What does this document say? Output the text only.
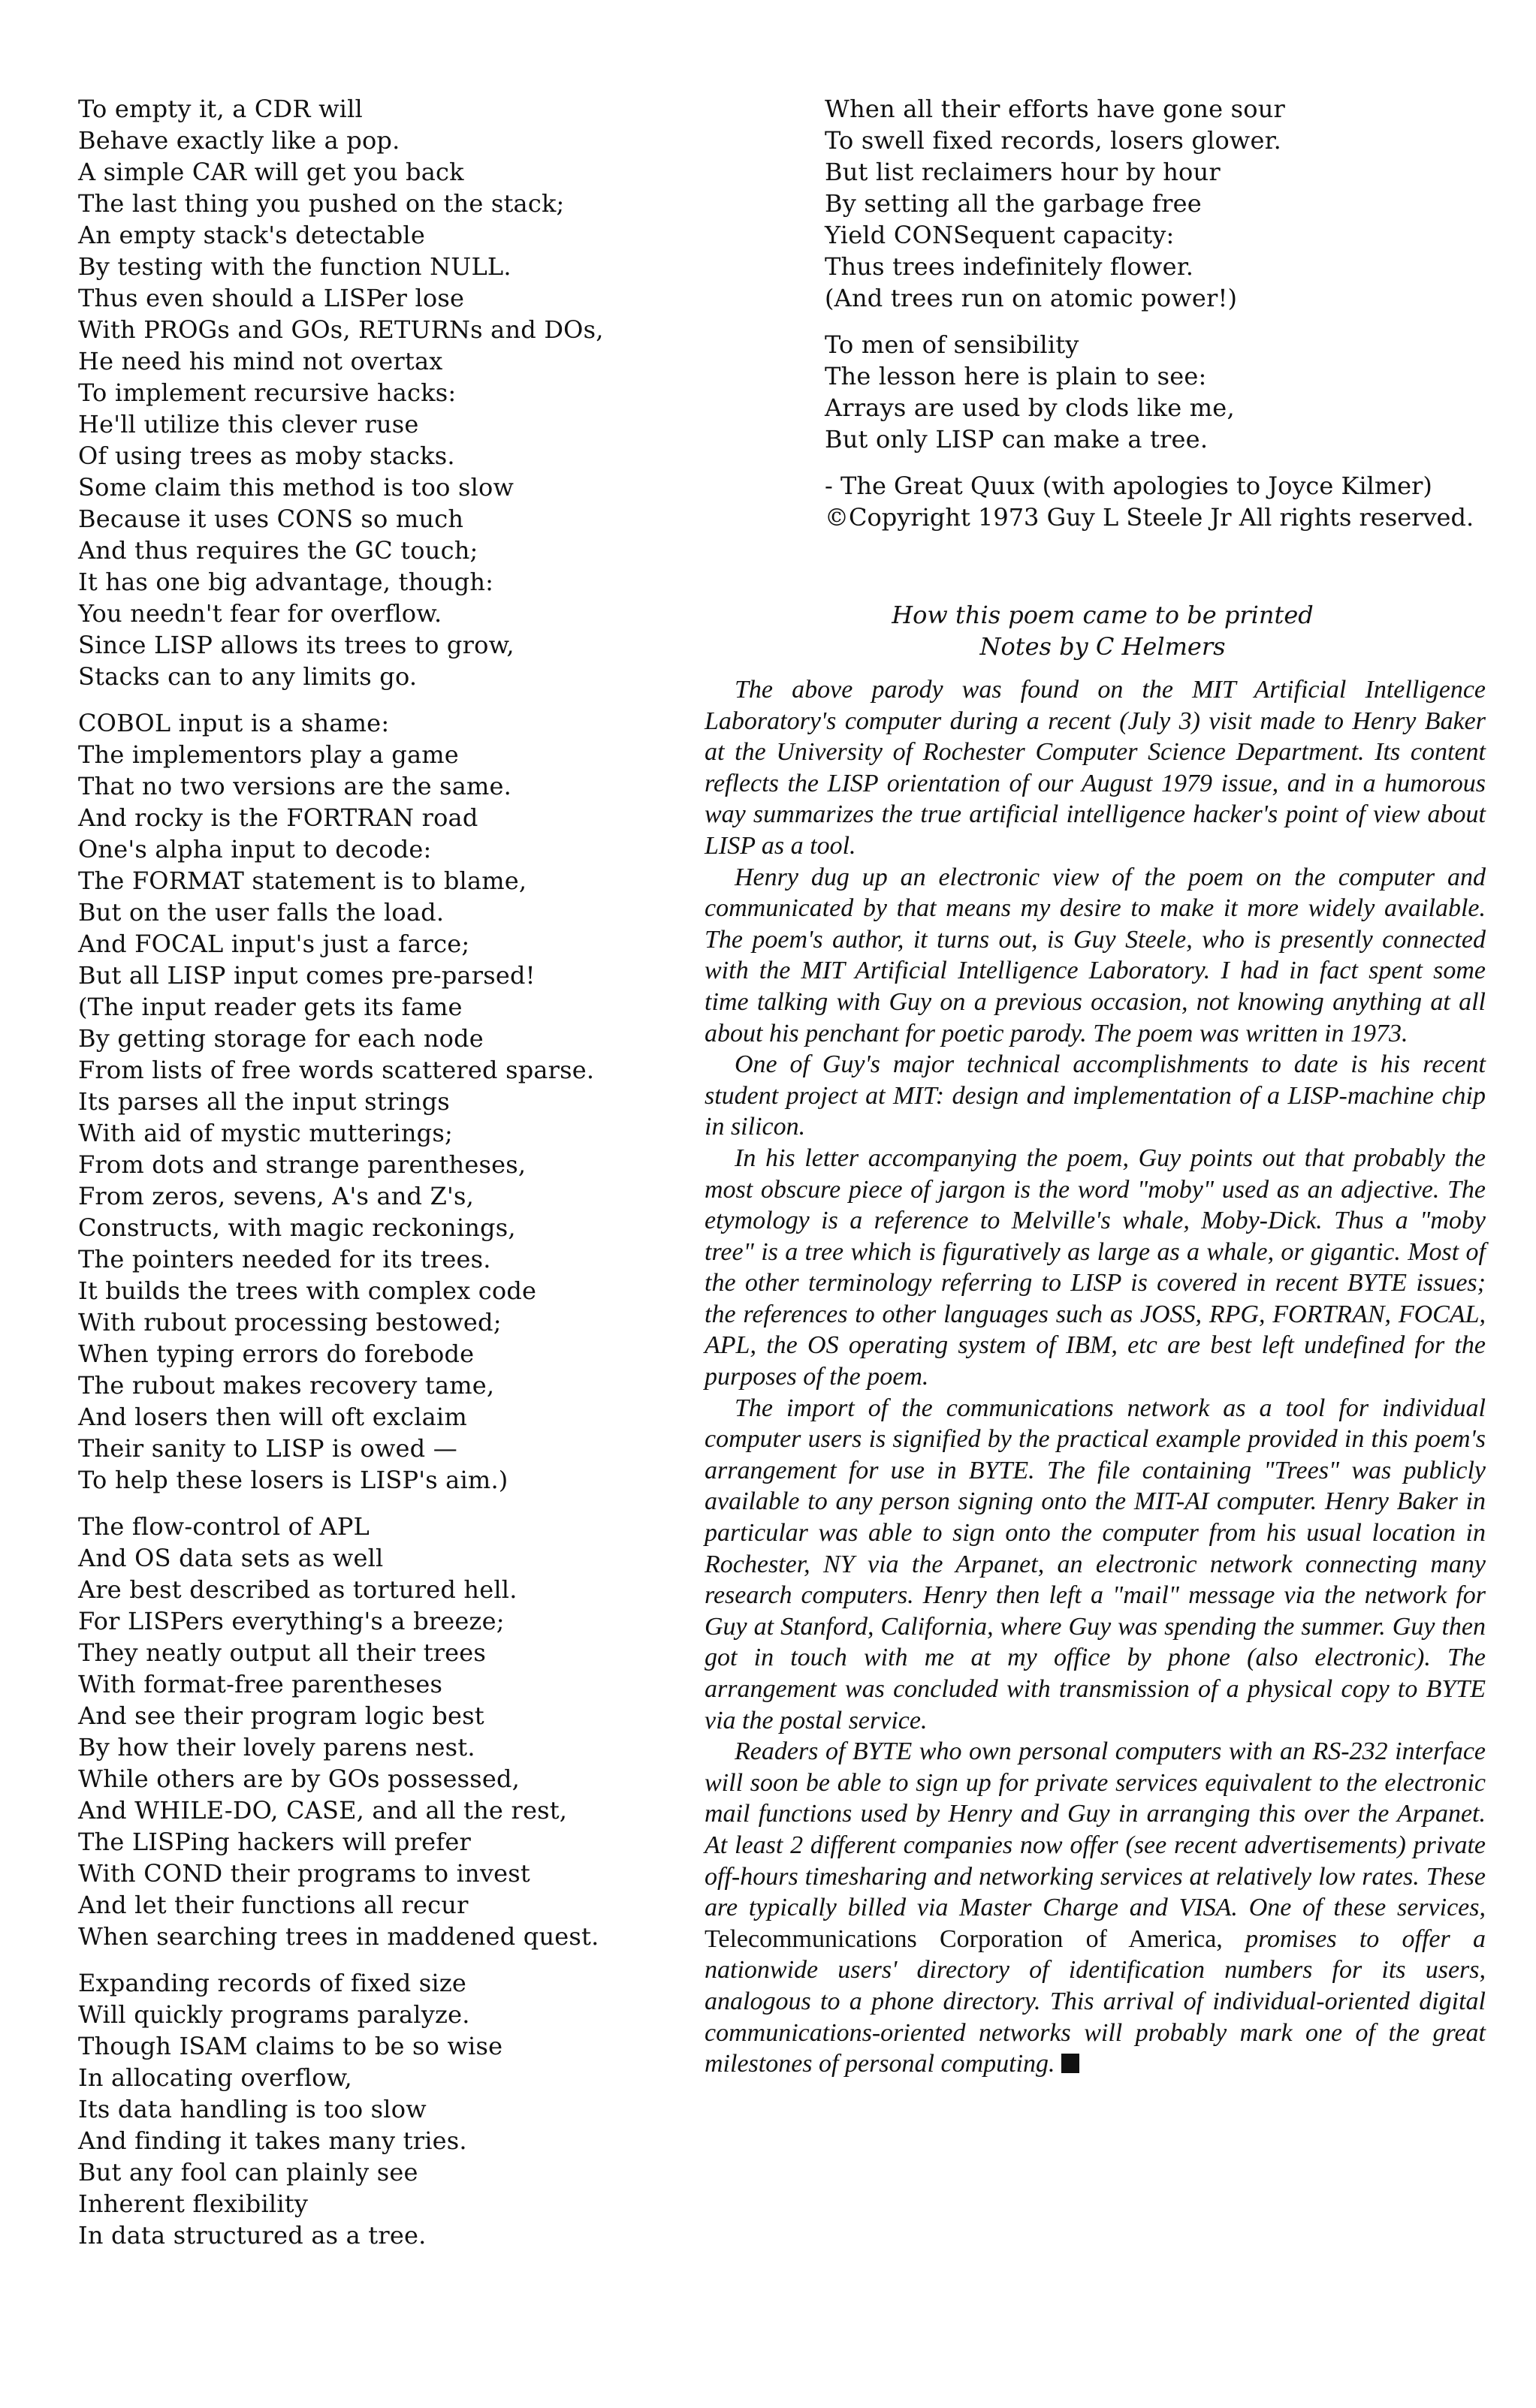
To empty it, a CDR will
Behave exactly like a pop.
A simple CAR will get you back
The last thing you pushed on the stack;
An empty stack's detectable
By testing with the function NULL.
Thus even should a LISPer lose
With PROGs and GOs, RETURNs and DOs,
He need his mind not overtax
To implement recursive hacks:
He'll utilize this clever ruse
Of using trees as moby stacks.
Some claim this method is too slow
Because it uses CONS so much
And thus requires the GC touch;
It has one big advantage, though:
You needn't fear for overflow.
Since LISP allows its trees to grow,
Stacks can to any limits go.
COBOL input is a shame:
The implementors play a game
That no two versions are the same.
And rocky is the FORTRAN road
One's alpha input to decode:
The FORMAT statement is to blame,
But on the user falls the load.
And FOCAL input's just a farce;
But all LISP input comes pre-parsed!
(The input reader gets its fame
By getting storage for each node
From lists of free words scattered sparse.
Its parses all the input strings
With aid of mystic mutterings;
From dots and strange parentheses,
From zeros, sevens, A's and Z's,
Constructs, with magic reckonings,
The pointers needed for its trees.
It builds the trees with complex code
With rubout processing bestowed;
When typing errors do forebode
The rubout makes recovery tame,
And losers then will oft exclaim
Their sanity to LISP is owed —
To help these losers is LISP's aim.)
The flow-control of APL
And OS data sets as well
Are best described as tortured hell.
For LISPers everything's a breeze;
They neatly output all their trees
With format-free parentheses
And see their program logic best
By how their lovely parens nest.
While others are by GOs possessed,
And WHILE-DO, CASE, and all the rest,
The LISPing hackers will prefer
With COND their programs to invest
And let their functions all recur
When searching trees in maddened quest.
Expanding records of fixed size
Will quickly programs paralyze.
Though ISAM claims to be so wise
In allocating overflow,
Its data handling is too slow
And finding it takes many tries.
But any fool can plainly see
Inherent flexibility
In data structured as a tree.
When all their efforts have gone sour
To swell fixed records, losers glower.
But list reclaimers hour by hour
By setting all the garbage free
Yield CONSequent capacity:
Thus trees indefinitely flower.
(And trees run on atomic power!)
To men of sensibility
The lesson here is plain to see:
Arrays are used by clods like me,
But only LISP can make a tree.
- The Great Quux (with apologies to Joyce Kilmer)
©Copyright 1973 Guy L Steele Jr All rights reserved.
How this poem came to be printed
Notes by C Helmers

The above parody was found on the MIT Artificial Intelligence Laboratory's computer during a recent (July 3) visit made to Henry Baker at the University of Rochester Computer Science Department. Its content reflects the LISP orientation of our August 1979 issue, and in a humorous way summarizes the true artificial intelligence hacker's point of view about LISP as a tool.

Henry dug up an electronic view of the poem on the computer and communicated by that means my desire to make it more widely available. The poem's author, it turns out, is Guy Steele, who is presently connected with the MIT Artificial Intelligence Laboratory. I had in fact spent some time talking with Guy on a previous occasion, not knowing anything at all about his penchant for poetic parody. The poem was written in 1973.

One of Guy's major technical accomplishments to date is his recent student project at MIT: design and implementation of a LISP-machine chip in silicon.

In his letter accompanying the poem, Guy points out that probably the most obscure piece of jargon is the word "moby" used as an adjective. The etymology is a reference to Melville's whale, Moby-Dick. Thus a "moby tree" is a tree which is figuratively as large as a whale, or gigantic. Most of the other terminology referring to LISP is covered in recent BYTE issues; the references to other languages such as JOSS, RPG, FORTRAN, FOCAL, APL, the OS operating system of IBM, etc are best left undefined for the purposes of the poem.

The import of the communications network as a tool for individual computer users is signified by the practical example provided in this poem's arrangement for use in BYTE. The file containing "Trees" was publicly available to any person signing onto the MIT-AI computer. Henry Baker in particular was able to sign onto the computer from his usual location in Rochester, NY via the Arpanet, an electronic network connecting many research computers. Henry then left a "mail" message via the network for Guy at Stanford, California, where Guy was spending the summer. Guy then got in touch with me at my office by phone (also electronic). The arrangement was concluded with transmission of a physical copy to BYTE via the postal service.

Readers of BYTE who own personal computers with an RS-232 interface will soon be able to sign up for private services equivalent to the electronic mail functions used by Henry and Guy in arranging this over the Arpanet. At least 2 different companies now offer (see recent advertisements) private off-hours timesharing and networking services at relatively low rates. These are typically billed via Master Charge and VISA. One of these services, Telecommunications Corporation of America, promises to offer a nationwide users' directory of identification numbers for its users, analogous to a phone directory. This arrival of individual-oriented digital communications-oriented networks will probably mark one of the great milestones of personal computing.
